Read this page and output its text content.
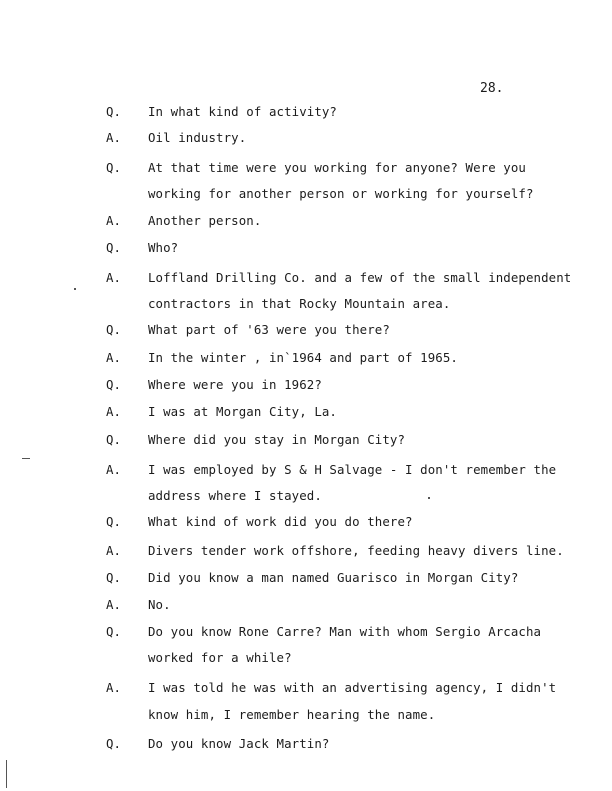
28.
Q. In what kind of activity?
A. Oil industry.
Q. At that time were you working for anyone? Were you
working for another person or working for yourself?
A. Another person.
Q. Who?
A. Loffland Drilling Co. and a few of the small independent
contractors in that Rocky Mountain area.
Q. What part of '63 were you there?
A. In the winter , in`1964 and part of 1965.
Q. Where were you in 1962?
A. I was at Morgan City, La.
Q. Where did you stay in Morgan City?
A. I was employed by S & H Salvage - I don't remember the
address where I stayed.
Q. What kind of work did you do there?
A. Divers tender work offshore, feeding heavy divers line.
Q. Did you know a man named Guarisco in Morgan City?
A. No.
Q. Do you know Rone Carre? Man with whom Sergio Arcacha
worked for a while?
A. I was told he was with an advertising agency, I didn't
know him, I remember hearing the name.
Q. Do you know Jack Martin?
